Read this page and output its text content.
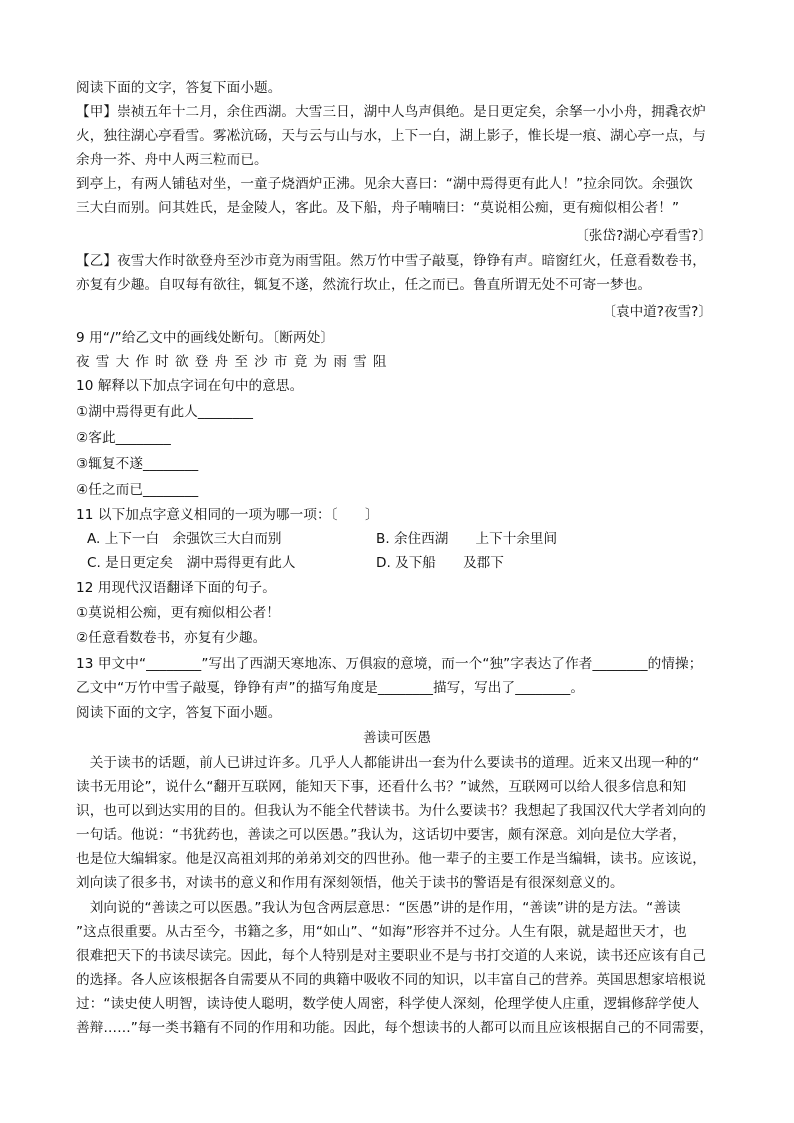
阅读下面的文字，答复下面小题。
【甲】崇祯五年十二月，余住西湖。大雪三日，湖中人鸟声俱绝。是日更定矣，余拏一小小舟，拥毳衣炉
火，独往湖心亭看雪。雾凇沆砀，天与云与山与水，上下一白，湖上影子，惟长堤一痕、湖心亭一点，与
余舟一芥、舟中人两三粒而已。
到亭上，有两人铺毡对坐，一童子烧酒炉正沸。见余大喜曰：“湖中焉得更有此人！”拉余同饮。余强饮
三大白而别。问其姓氏，是金陵人，客此。及下船，舟子喃喃曰：“莫说相公痴，更有痴似相公者！”
〔张岱?湖心亭看雪?〕
【乙】夜雪大作时欲登舟至沙市竟为雨雪阻。然万竹中雪子敲戛，铮铮有声。暗窗红火，任意看数卷书，
亦复有少趣。自叹每有欲往，辄复不遂，然流行坎止，任之而已。鲁直所谓无处不可寄一梦也。
〔袁中道?夜雪?〕
9 用“/”给乙文中的画线处断句。〔断两处〕
夜雪大作时欲登舟至沙市竟为雨雪阻
10 解释以下加点字词在句中的意思。
①湖中焉得更有此人________
②客此________
③辄复不遂________
④任之而已________
11 以下加点字意义相同的一项为哪一项：〔　　〕
A. 上下一白　余强饮三大白而别	B. 余住西湖　　上下十余里间
C. 是日更定矣　湖中焉得更有此人	D. 及下船　　及郡下
12 用现代汉语翻译下面的句子。
①莫说相公痴，更有痴似相公者！
②任意看数卷书，亦复有少趣。
13 甲文中“________”写出了西湖天寒地冻、万俱寂的意境，而一个“独”字表达了作者________的情操；
乙文中“万竹中雪子敲戛，铮铮有声”的描写角度是________描写，写出了________。
阅读下面的文字，答复下面小题。
善读可医愚
　关于读书的话题，前人已讲过许多。几乎人人都能讲出一套为什么要读书的道理。近来又出现一种的“
读书无用论”，说什么“翻开互联网，能知天下事，还看什么书？”诚然，互联网可以给人很多信息和知
识，也可以到达实用的目的。但我认为不能全代替读书。为什么要读书？我想起了我国汉代大学者刘向的
一句话。他说：“书犹药也，善读之可以医愚。”我认为，这话切中要害，颇有深意。刘向是位大学者，
也是位大编辑家。他是汉高祖刘邦的弟弟刘交的四世孙。他一辈子的主要工作是当编辑，读书。应该说，
刘向读了很多书，对读书的意义和作用有深刻领悟，他关于读书的警语是有很深刻意义的。
　刘向说的“善读之可以医愚。”我认为包含两层意思：“医愚”讲的是作用，“善读”讲的是方法。“善读
”这点很重要。从古至今，书籍之多，用“如山”、“如海”形容并不过分。人生有限，就是超世天才，也
很难把天下的书读尽读完。因此，每个人特别是对主要职业不是与书打交道的人来说，读书还应该有自己
的选择。各人应该根据各自需要从不同的典籍中吸收不同的知识，以丰富自己的营养。英国思想家培根说
过：“读史使人明智，读诗使人聪明，数学使人周密，科学使人深刻，伦理学使人庄重，逻辑修辞学使人
善辩……”每一类书籍有不同的作用和功能。因此，每个想读书的人都可以而且应该根据自己的不同需要，
